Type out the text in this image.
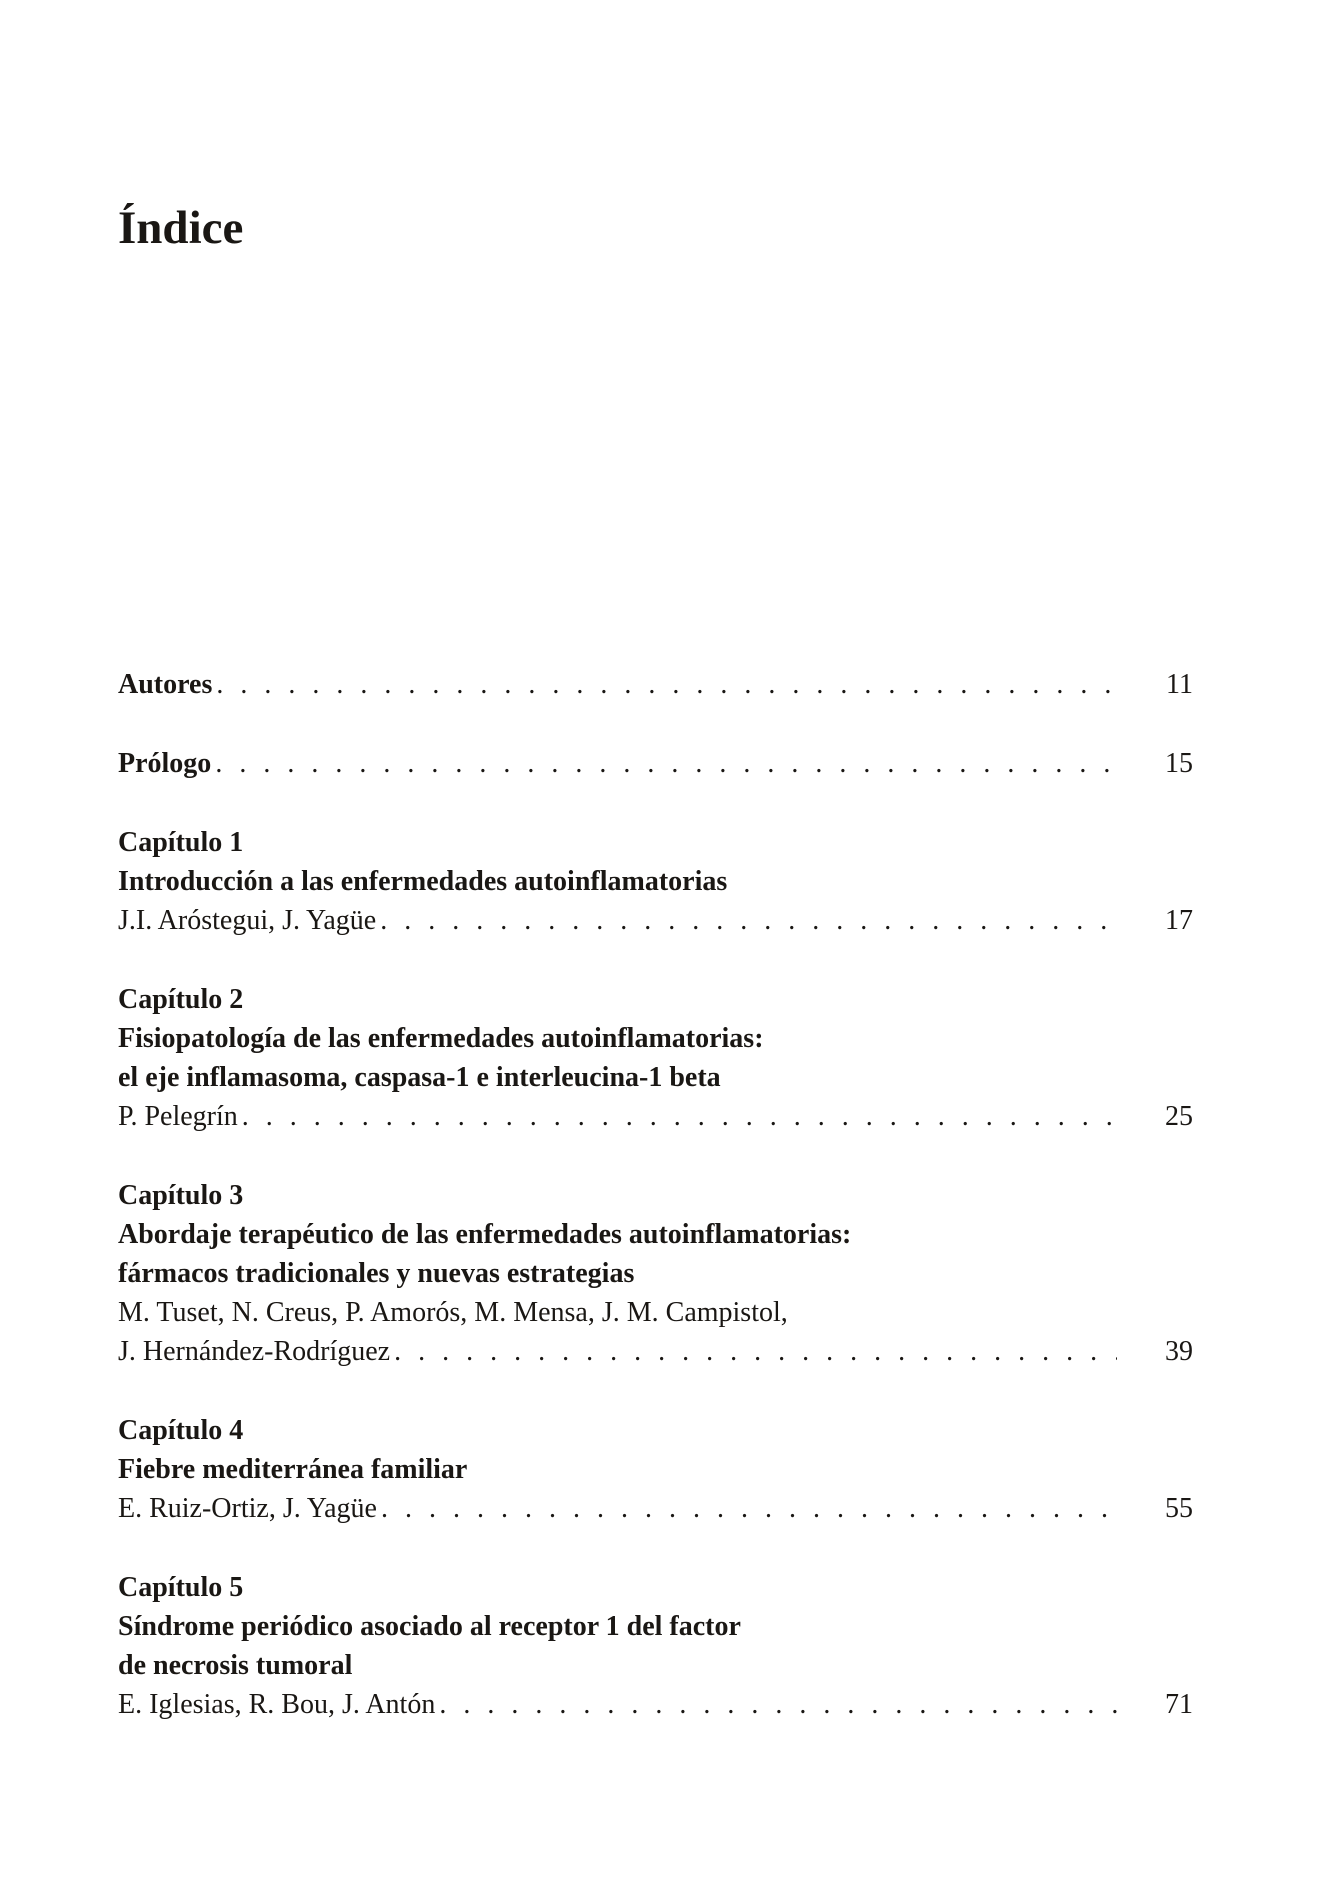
Índice
Autores . . .	11
Prólogo . . .	15
Capítulo 1
Introducción a las enfermedades autoinflamatorias
J.I. Aróstegui, J. Yagüe . . .	17
Capítulo 2
Fisiopatología de las enfermedades autoinflamatorias:
el eje inflamasoma, caspasa-1 e interleucina-1 beta
P. Pelegrín . . .	25
Capítulo 3
Abordaje terapéutico de las enfermedades autoinflamatorias:
fármacos tradicionales y nuevas estrategias
M. Tuset, N. Creus, P. Amorós, M. Mensa, J. M. Campistol,
J. Hernández-Rodríguez . . .	39
Capítulo 4
Fiebre mediterránea familiar
E. Ruiz-Ortiz, J. Yagüe . . .	55
Capítulo 5
Síndrome periódico asociado al receptor 1 del factor
de necrosis tumoral
E. Iglesias, R. Bou, J. Antón . . .	71
